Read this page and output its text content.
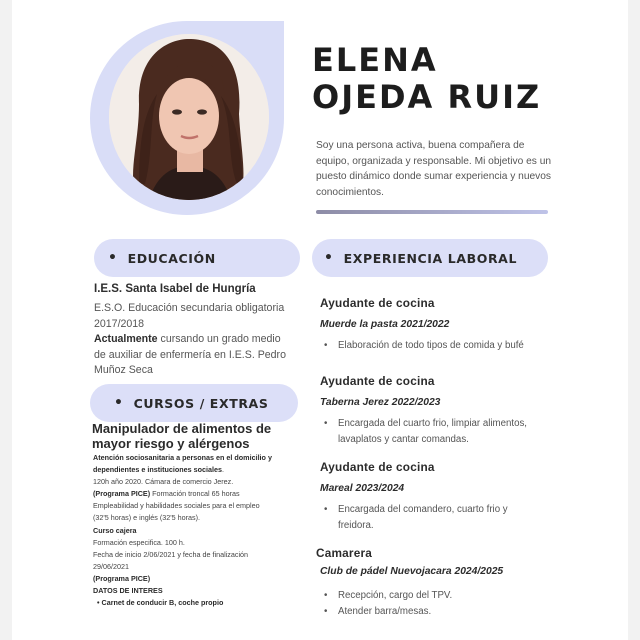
ELENA
OJEDA RUIZ
Soy una persona activa, buena compañera de equipo, organizada y responsable. Mi objetivo es un puesto dinámico donde sumar experiencia y nuevos conocimientos.
• EDUCACIÓN
I.E.S. Santa Isabel de Hungría
E.S.O. Educación secundaria obligatoria
2017/2018
Actualmente cursando un grado medio de auxiliar de enfermería en I.E.S. Pedro Muñoz Seca
• CURSOS / EXTRAS
Manipulador de alimentos de mayor riesgo y alérgenos
Atención sociosanitaria a personas en el domicilio y dependientes e instituciones sociales.
120h año 2020. Cámara de comercio Jerez.
(Programa PICE) Formación troncal 65 horas Empleabilidad y habilidades sociales para el empleo (32'5 horas) e inglés (32'5 horas).
Curso cajera
Formación especifica. 100 h.
Fecha de inicio 2/06/2021 y fecha de finalización
29/06/2021
(Programa PICE)
DATOS DE INTERES
• Carnet de conducir B, coche propio
• EXPERIENCIA LABORAL
Ayudante de cocina
Muerde la pasta 2021/2022
•	Elaboración de todo tipos de comida y bufé
Ayudante de cocina
Taberna Jerez 2022/2023
•	Encargada del cuarto frio, limpiar alimentos, lavaplatos y cantar comandas.
Ayudante de cocina
Mareal 2023/2024
•	Encargada del comandero, cuarto frio y freidora.
Camarera
Club de pádel Nuevojacara 2024/2025
•	Recepción, cargo del TPV.
•	Atender barra/mesas.
